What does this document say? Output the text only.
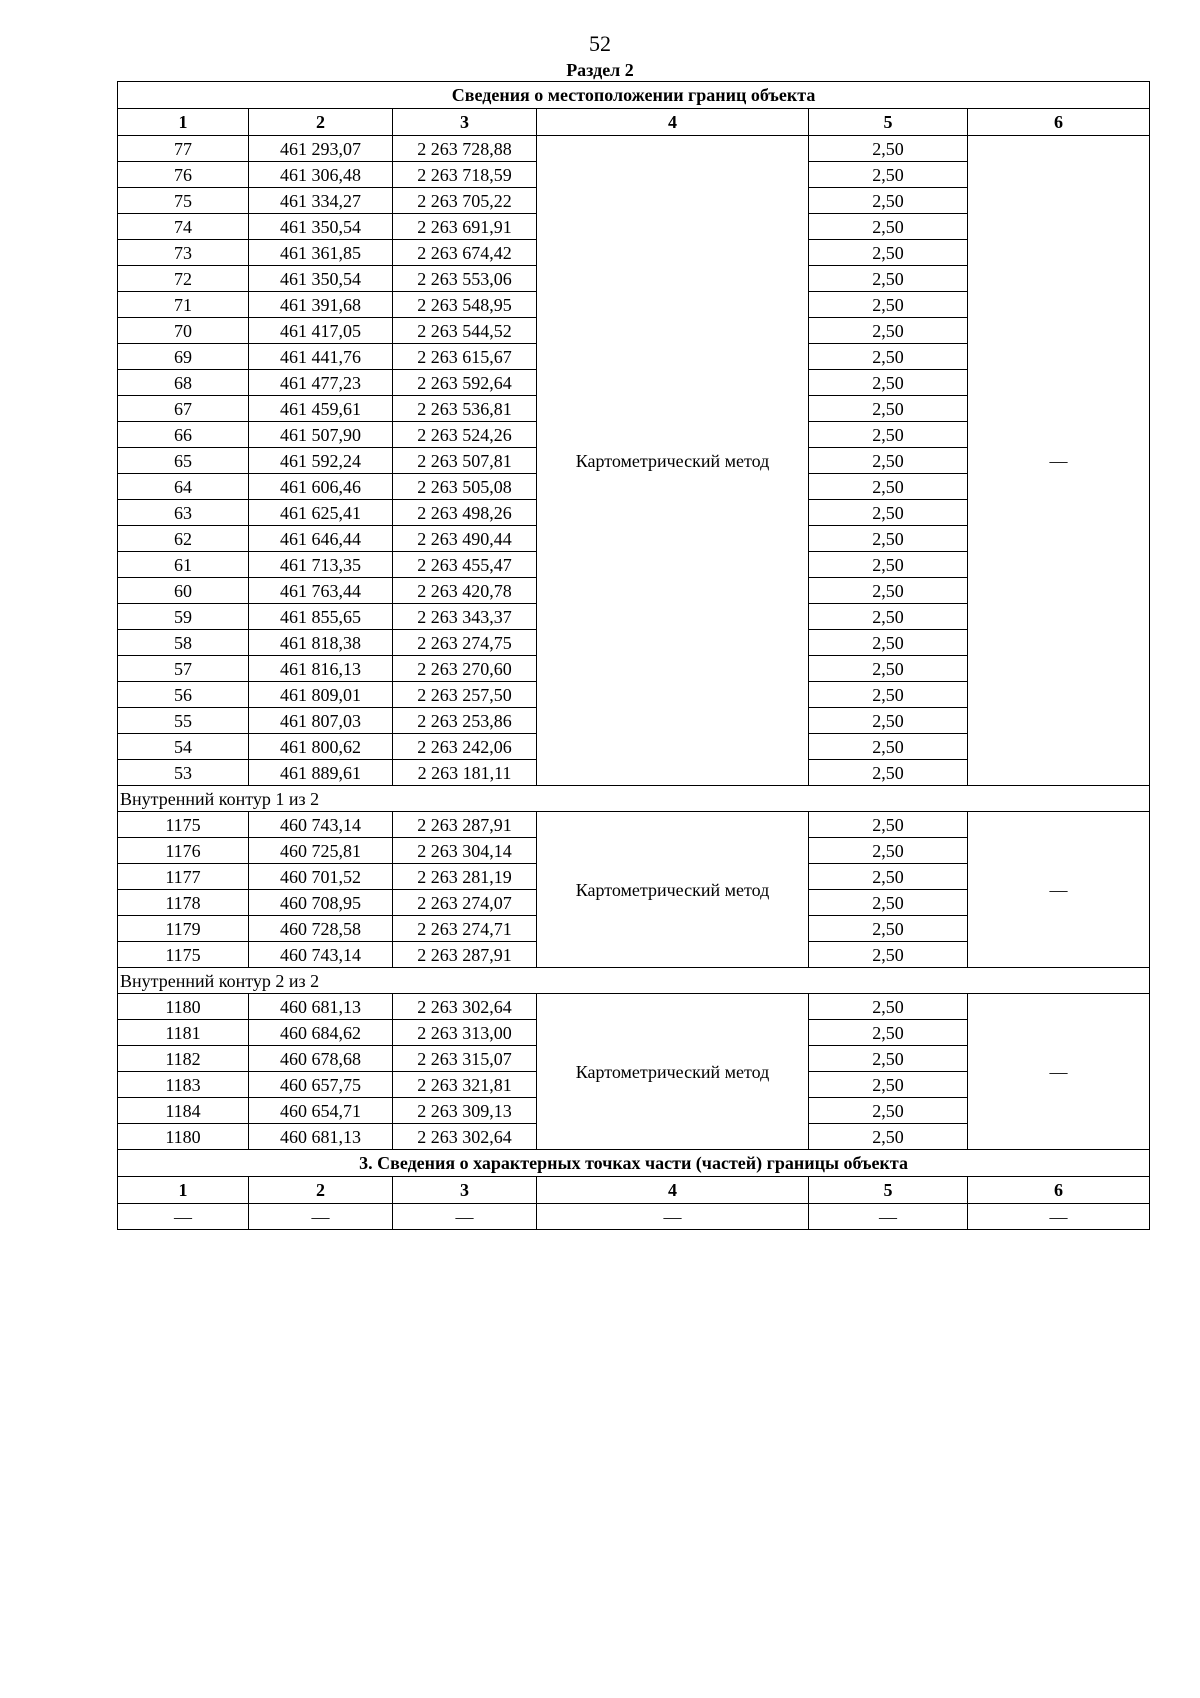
52
Раздел 2
Сведения о местоположении границ объекта					
1	2	3	4	5	6
77	461 293,07	2 263 728,88	Картометрический метод	2,50	—
76	461 306,48	2 263 718,59		2,50	
75	461 334,27	2 263 705,22		2,50	
74	461 350,54	2 263 691,91		2,50	
73	461 361,85	2 263 674,42		2,50	
72	461 350,54	2 263 553,06		2,50	
71	461 391,68	2 263 548,95		2,50	
70	461 417,05	2 263 544,52		2,50	
69	461 441,76	2 263 615,67		2,50	
68	461 477,23	2 263 592,64		2,50	
67	461 459,61	2 263 536,81		2,50	
66	461 507,90	2 263 524,26		2,50	
65	461 592,24	2 263 507,81		2,50	
64	461 606,46	2 263 505,08		2,50	
63	461 625,41	2 263 498,26		2,50	
62	461 646,44	2 263 490,44		2,50	
61	461 713,35	2 263 455,47		2,50	
60	461 763,44	2 263 420,78		2,50	
59	461 855,65	2 263 343,37		2,50	
58	461 818,38	2 263 274,75		2,50	
57	461 816,13	2 263 270,60		2,50	
56	461 809,01	2 263 257,50		2,50	
55	461 807,03	2 263 253,86		2,50	
54	461 800,62	2 263 242,06		2,50	
53	461 889,61	2 263 181,11		2,50	
Внутренний контур 1 из 2					
1175	460 743,14	2 263 287,91	Картометрический метод	2,50	—
1176	460 725,81	2 263 304,14		2,50	
1177	460 701,52	2 263 281,19		2,50	
1178	460 708,95	2 263 274,07		2,50	
1179	460 728,58	2 263 274,71		2,50	
1175	460 743,14	2 263 287,91		2,50	
Внутренний контур 2 из 2					
1180	460 681,13	2 263 302,64	Картометрический метод	2,50	—
1181	460 684,62	2 263 313,00		2,50	
1182	460 678,68	2 263 315,07		2,50	
1183	460 657,75	2 263 321,81		2,50	
1184	460 654,71	2 263 309,13		2,50	
1180	460 681,13	2 263 302,64		2,50	
3. Сведения о характерных точках части (частей) границы объекта					
1	2	3	4	5	6
—	—	—	—	—	—
